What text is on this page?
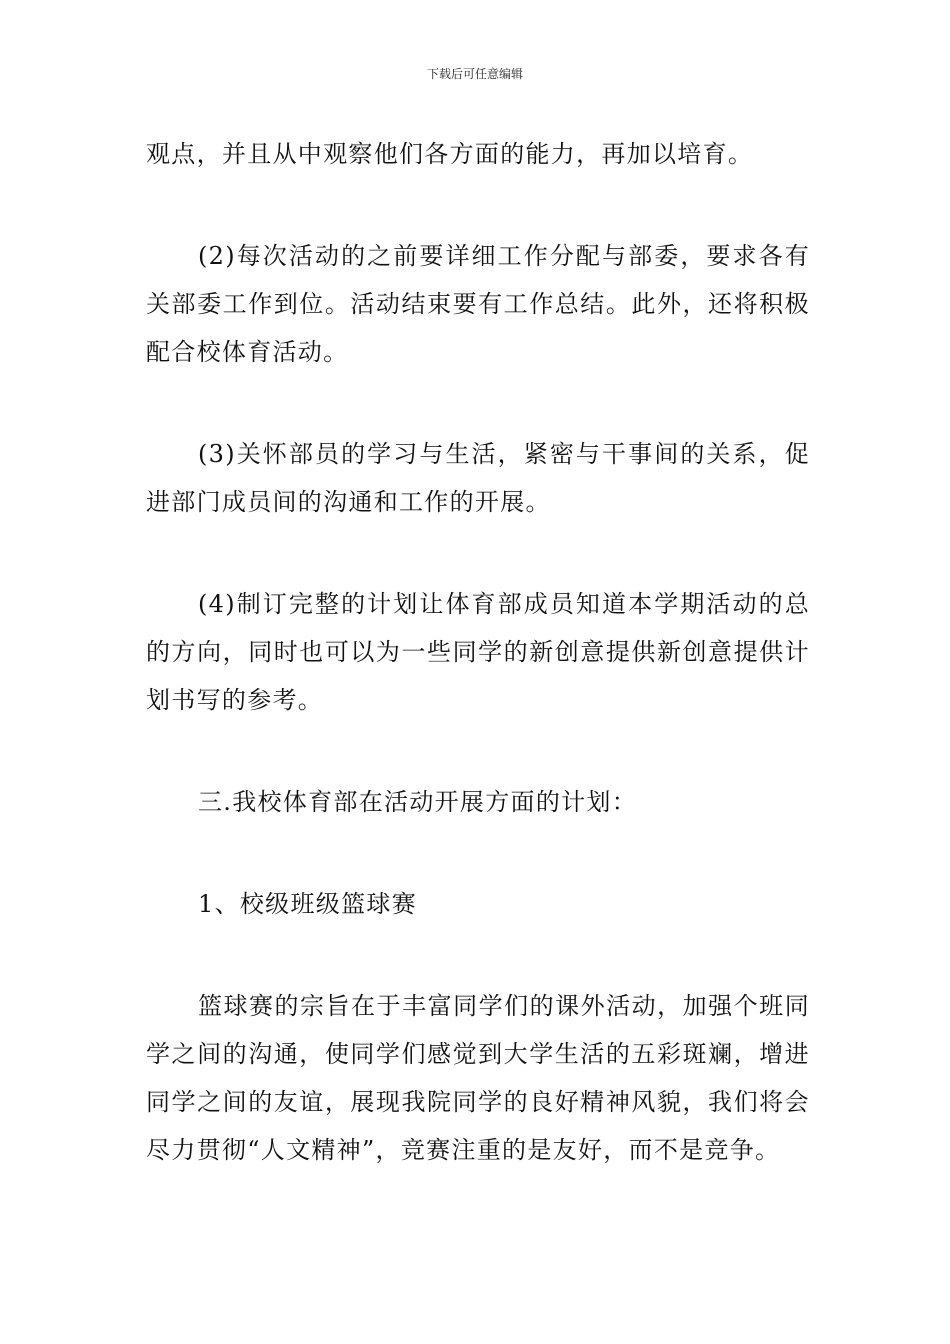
下载后可任意编辑

观点，并且从中观察他们各方面的能力，再加以培育。

(2)每次活动的之前要详细工作分配与部委，要求各有关部委工作到位。活动结束要有工作总结。此外，还将积极配合校体育活动。

(3)关怀部员的学习与生活，紧密与干事间的关系，促进部门成员间的沟通和工作的开展。

(4)制订完整的计划让体育部成员知道本学期活动的总的方向，同时也可以为一些同学的新创意提供新创意提供计划书写的参考。

三.我校体育部在活动开展方面的计划：

1、校级班级篮球赛

篮球赛的宗旨在于丰富同学们的课外活动，加强个班同学之间的沟通，使同学们感觉到大学生活的五彩斑斓，增进同学之间的友谊，展现我院同学的良好精神风貌，我们将会尽力贯彻“人文精神”，竞赛注重的是友好，而不是竞争。
